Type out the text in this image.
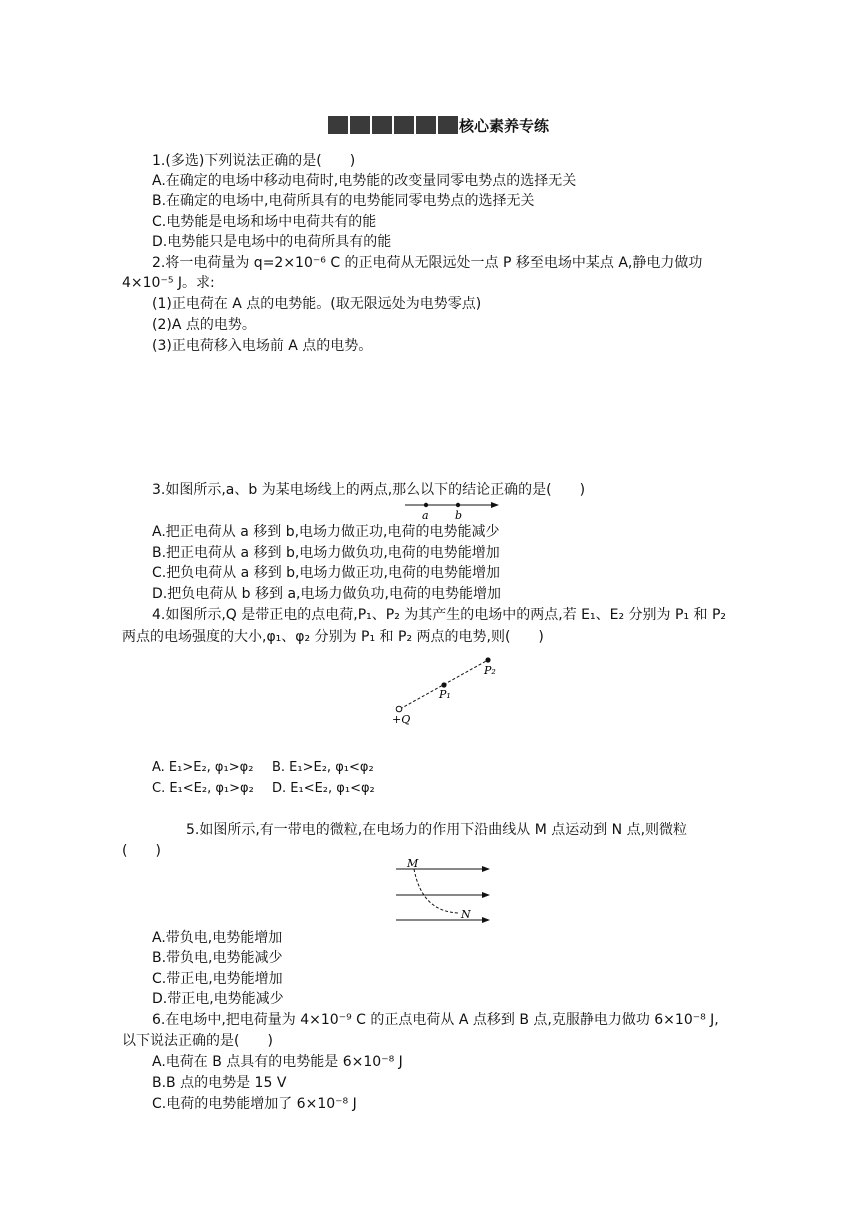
核心素养专练
1.(多选)下列说法正确的是(　　)
A.在确定的电场中移动电荷时,电势能的改变量同零电势点的选择无关
B.在确定的电场中,电荷所具有的电势能同零电势点的选择无关
C.电势能是电场和场中电荷共有的能
D.电势能只是电场中的电荷所具有的能
2.将一电荷量为 q=2×10⁻⁶ C 的正电荷从无限远处一点 P 移至电场中某点 A,静电力做功
4×10⁻⁵ J。求:
(1)正电荷在 A 点的电势能。(取无限远处为电势零点)
(2)A 点的电势。
(3)正电荷移入电场前 A 点的电势。
3.如图所示,a、b 为某电场线上的两点,那么以下的结论正确的是(　　)
a b
A.把正电荷从 a 移到 b,电场力做正功,电荷的电势能减少
B.把正电荷从 a 移到 b,电场力做负功,电荷的电势能增加
C.把负电荷从 a 移到 b,电场力做正功,电荷的电势能增加
D.把负电荷从 b 移到 a,电场力做负功,电荷的电势能增加
4.如图所示,Q 是带正电的点电荷,P₁、P₂ 为其产生的电场中的两点,若 E₁、E₂ 分别为 P₁ 和 P₂
两点的电场强度的大小,φ₁、φ₂ 分别为 P₁ 和 P₂ 两点的电势,则(　　)
+Q
P₁
P₂
A. E₁>E₂, φ₁>φ₂ B. E₁>E₂, φ₁<φ₂
C. E₁<E₂, φ₁>φ₂ D. E₁<E₂, φ₁<φ₂
5.如图所示,有一带电的微粒,在电场力的作用下沿曲线从 M 点运动到 N 点,则微粒
(　　)
M
N
A.带负电,电势能增加
B.带负电,电势能减少
C.带正电,电势能增加
D.带正电,电势能减少
6.在电场中,把电荷量为 4×10⁻⁹ C 的正点电荷从 A 点移到 B 点,克服静电力做功 6×10⁻⁸ J,
以下说法正确的是(　　)
A.电荷在 B 点具有的电势能是 6×10⁻⁸ J
B.B 点的电势是 15 V
C.电荷的电势能增加了 6×10⁻⁸ J
